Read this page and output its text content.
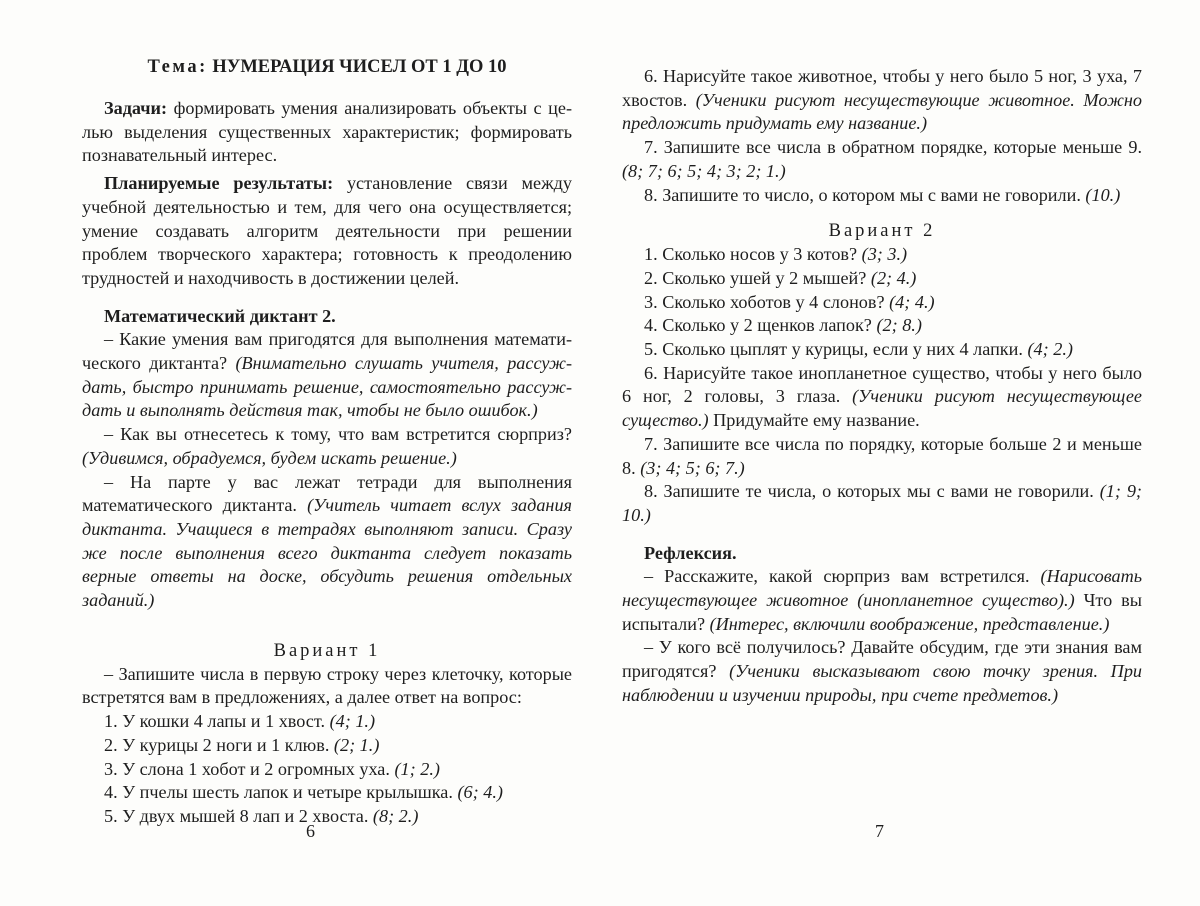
Тема: НУМЕРАЦИЯ ЧИСЕЛ ОТ 1 ДО 10

Задачи: формировать умения анализировать объекты с целью выделения существенных характеристик; формировать познавательный интерес.

Планируемые результаты: установление связи между учебной деятельностью и тем, для чего она осуществляется; умение создавать алгоритм деятельности при решении проблем творческого характера; готовность к преодолению трудностей и находчивость в достижении целей.

Математический диктант 2.

– Какие умения вам пригодятся для выполнения математического диктанта? (Внимательно слушать учителя, рассуждать, быстро принимать решение, самостоятельно рассуждать и выполнять действия так, чтобы не было ошибок.)

– Как вы отнесетесь к тому, что вам встретится сюрприз? (Удивимся, обрадуемся, будем искать решение.)

– На парте у вас лежат тетради для выполнения математического диктанта. (Учитель читает вслух задания диктанта. Учащиеся в тетрадях выполняют записи. Сразу же после выполнения всего диктанта следует показать верные ответы на доске, обсудить решения отдельных заданий.)

Вариант 1

– Запишите числа в первую строку через клеточку, которые встретятся вам в предложениях, а далее ответ на вопрос:

1. У кошки 4 лапы и 1 хвост. (4; 1.)

2. У курицы 2 ноги и 1 клюв. (2; 1.)

3. У слона 1 хобот и 2 огромных уха. (1; 2.)

4. У пчелы шесть лапок и четыре крылышка. (6; 4.)

5. У двух мышей 8 лап и 2 хвоста. (8; 2.)

6

6. Нарисуйте такое животное, чтобы у него было 5 ног, 3 уха, 7 хвостов. (Ученики рисуют несуществующие животное. Можно предложить придумать ему название.)

7. Запишите все числа в обратном порядке, которые меньше 9. (8; 7; 6; 5; 4; 3; 2; 1.)

8. Запишите то число, о котором мы с вами не говорили. (10.)

Вариант 2

1. Сколько носов у 3 котов? (3; 3.)

2. Сколько ушей у 2 мышей? (2; 4.)

3. Сколько хоботов у 4 слонов? (4; 4.)

4. Сколько у 2 щенков лапок? (2; 8.)

5. Сколько цыплят у курицы, если у них 4 лапки. (4; 2.)

6. Нарисуйте такое инопланетное существо, чтобы у него было 6 ног, 2 головы, 3 глаза. (Ученики рисуют несуществующее существо.) Придумайте ему название.

7. Запишите все числа по порядку, которые больше 2 и меньше 8. (3; 4; 5; 6; 7.)

8. Запишите те числа, о которых мы с вами не говорили. (1; 9; 10.)

Рефлексия.

– Расскажите, какой сюрприз вам встретился. (Нарисовать несуществующее животное (инопланетное существо).) Что вы испытали? (Интерес, включили воображение, представление.)

– У кого всё получилось? Давайте обсудим, где эти знания вам пригодятся? (Ученики высказывают свою точку зрения. При наблюдении и изучении природы, при счете предметов.)

7
